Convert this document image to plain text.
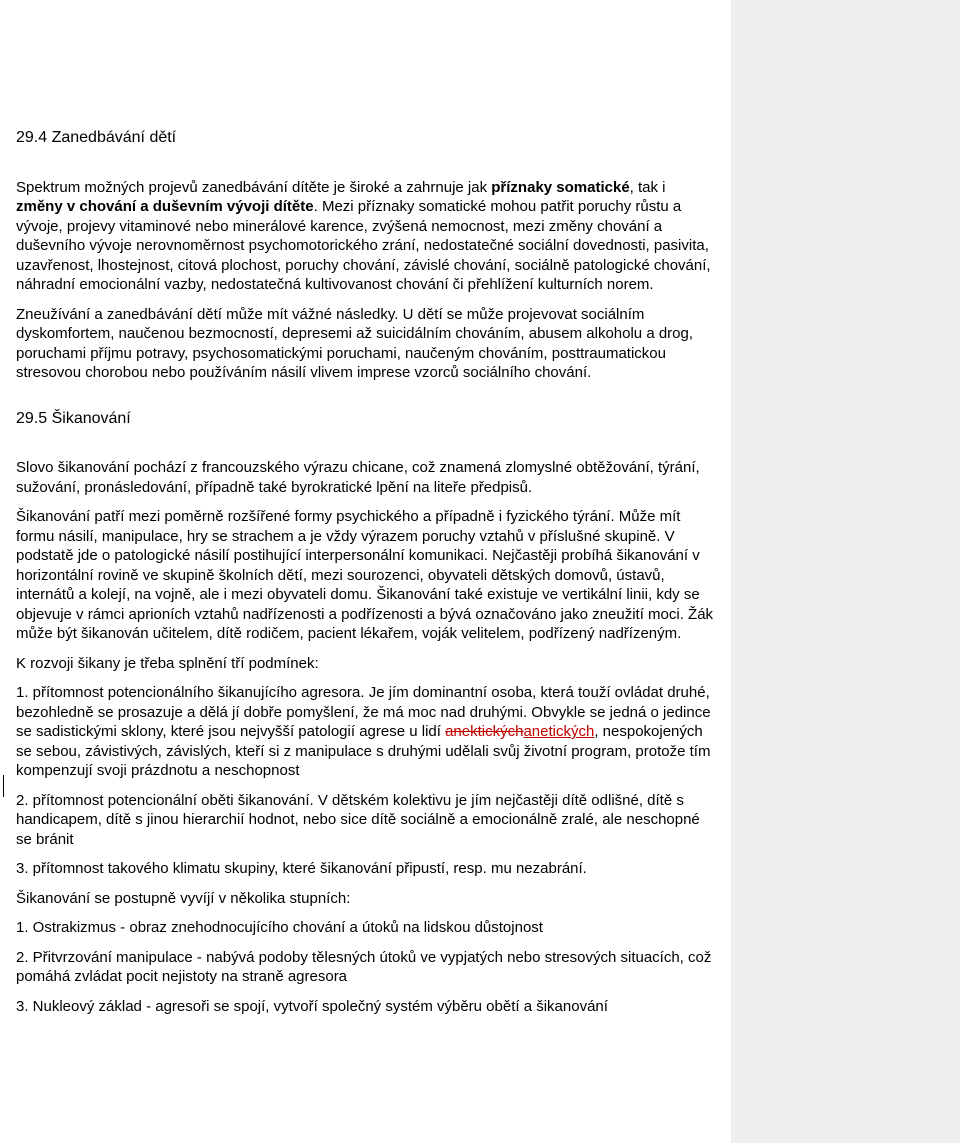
29.4 Zanedbávání dětí

Spektrum možných projevů zanedbávání dítěte je široké a zahrnuje jak příznaky somatické, tak i změny v chování a duševním vývoji dítěte. Mezi příznaky somatické mohou patřit poruchy růstu a vývoje, projevy vitaminové nebo minerálové karence, zvýšená nemocnost, mezi změny chování a duševního vývoje nerovnoměrnost psychomotorického zrání, nedostatečné sociální dovednosti, pasivita, uzavřenost, lhostejnost, citová plochost, poruchy chování, závislé chování, sociálně patologické chování, náhradní emocionální vazby, nedostatečná kultivovanost chování či přehlížení kulturních norem.

Zneužívání a zanedbávání dětí může mít vážné následky. U dětí se může projevovat sociálním dyskomfortem, naučenou bezmocností, depresemi až suicidálním chováním, abusem alkoholu a drog, poruchami příjmu potravy, psychosomatickými poruchami, naučeným chováním, posttraumatickou stresovou chorobou nebo používáním násilí vlivem imprese vzorců sociálního chování.

29.5 Šikanování

Slovo šikanování pochází z francouzského výrazu chicane, což znamená zlomyslné obtěžování, týrání, sužování, pronásledování, případně také byrokratické lpění na liteře předpisů.

Šikanování patří mezi poměrně rozšířené formy psychického a případně i fyzického týrání. Může mít formu násilí, manipulace, hry se strachem a je vždy výrazem poruchy vztahů v příslušné skupině. V podstatě jde o patologické násilí postihující interpersonální komunikaci. Nejčastěji probíhá šikanování v horizontální rovině ve skupině školních dětí, mezi sourozenci, obyvateli dětských domovů, ústavů, internátů a kolejí, na vojně, ale i mezi obyvateli domu. Šikanování také existuje ve vertikální linii, kdy se objevuje v rámci aprioních vztahů nadřízenosti a podřízenosti a bývá označováno jako zneužití moci. Žák může být šikanován učitelem, dítě rodičem, pacient lékařem, voják velitelem, podřízený nadřízeným.

K rozvoji šikany je třeba splnění tří podmínek:

1. přítomnost potencionálního šikanujícího agresora. Je jím dominantní osoba, která touží ovládat druhé, bezohledně se prosazuje a dělá jí dobře pomyšlení, že má moc nad druhými. Obvykle se jedná o jedince se sadistickými sklony, které jsou nejvyšší patologií agrese u lidí anektickýchanetických, nespokojených se sebou, závistivých, závislých, kteří si z manipulace s druhými udělali svůj životní program, protože tím kompenzují svoji prázdnotu a neschopnost

2. přítomnost potencionální oběti šikanování. V dětském kolektivu je jím nejčastěji dítě odlišné, dítě s handicapem, dítě s jinou hierarchií hodnot, nebo sice dítě sociálně a emocionálně zralé, ale neschopné se bránit

3. přítomnost takového klimatu skupiny, které šikanování připustí, resp. mu nezabrání.

Šikanování se postupně vyvíjí v několika stupních:

1. Ostrakizmus - obraz znehodnocujícího chování a útoků na lidskou důstojnost

2. Přitvrzování manipulace - nabývá podoby tělesných útoků ve vypjatých nebo stresových situacích, což pomáhá zvládat pocit nejistoty na straně agresora

3. Nukleový základ - agresoři se spojí, vytvoří společný systém výběru obětí a šikanování
